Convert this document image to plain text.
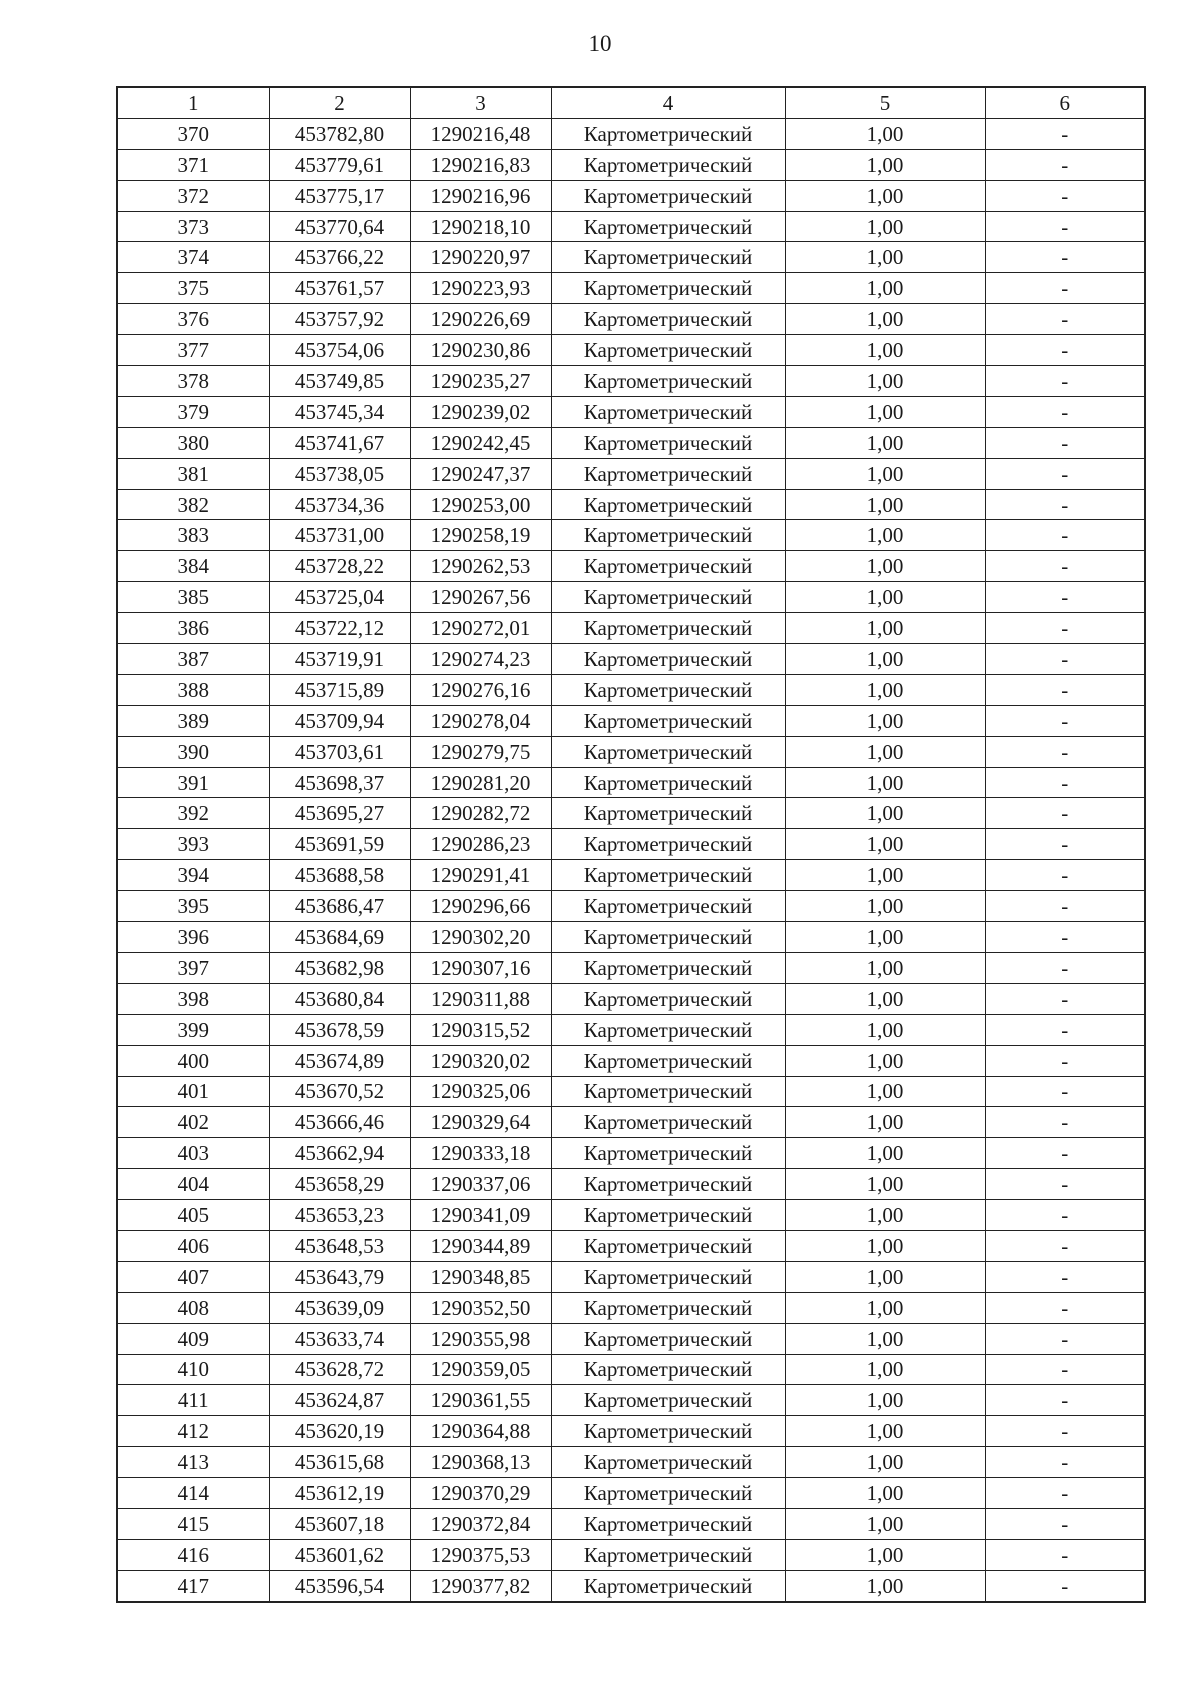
10
1	2	3	4	5	6
370	453782,80	1290216,48	Картометрический	1,00	-
371	453779,61	1290216,83	Картометрический	1,00	-
372	453775,17	1290216,96	Картометрический	1,00	-
373	453770,64	1290218,10	Картометрический	1,00	-
374	453766,22	1290220,97	Картометрический	1,00	-
375	453761,57	1290223,93	Картометрический	1,00	-
376	453757,92	1290226,69	Картометрический	1,00	-
377	453754,06	1290230,86	Картометрический	1,00	-
378	453749,85	1290235,27	Картометрический	1,00	-
379	453745,34	1290239,02	Картометрический	1,00	-
380	453741,67	1290242,45	Картометрический	1,00	-
381	453738,05	1290247,37	Картометрический	1,00	-
382	453734,36	1290253,00	Картометрический	1,00	-
383	453731,00	1290258,19	Картометрический	1,00	-
384	453728,22	1290262,53	Картометрический	1,00	-
385	453725,04	1290267,56	Картометрический	1,00	-
386	453722,12	1290272,01	Картометрический	1,00	-
387	453719,91	1290274,23	Картометрический	1,00	-
388	453715,89	1290276,16	Картометрический	1,00	-
389	453709,94	1290278,04	Картометрический	1,00	-
390	453703,61	1290279,75	Картометрический	1,00	-
391	453698,37	1290281,20	Картометрический	1,00	-
392	453695,27	1290282,72	Картометрический	1,00	-
393	453691,59	1290286,23	Картометрический	1,00	-
394	453688,58	1290291,41	Картометрический	1,00	-
395	453686,47	1290296,66	Картометрический	1,00	-
396	453684,69	1290302,20	Картометрический	1,00	-
397	453682,98	1290307,16	Картометрический	1,00	-
398	453680,84	1290311,88	Картометрический	1,00	-
399	453678,59	1290315,52	Картометрический	1,00	-
400	453674,89	1290320,02	Картометрический	1,00	-
401	453670,52	1290325,06	Картометрический	1,00	-
402	453666,46	1290329,64	Картометрический	1,00	-
403	453662,94	1290333,18	Картометрический	1,00	-
404	453658,29	1290337,06	Картометрический	1,00	-
405	453653,23	1290341,09	Картометрический	1,00	-
406	453648,53	1290344,89	Картометрический	1,00	-
407	453643,79	1290348,85	Картометрический	1,00	-
408	453639,09	1290352,50	Картометрический	1,00	-
409	453633,74	1290355,98	Картометрический	1,00	-
410	453628,72	1290359,05	Картометрический	1,00	-
411	453624,87	1290361,55	Картометрический	1,00	-
412	453620,19	1290364,88	Картометрический	1,00	-
413	453615,68	1290368,13	Картометрический	1,00	-
414	453612,19	1290370,29	Картометрический	1,00	-
415	453607,18	1290372,84	Картометрический	1,00	-
416	453601,62	1290375,53	Картометрический	1,00	-
417	453596,54	1290377,82	Картометрический	1,00	-
